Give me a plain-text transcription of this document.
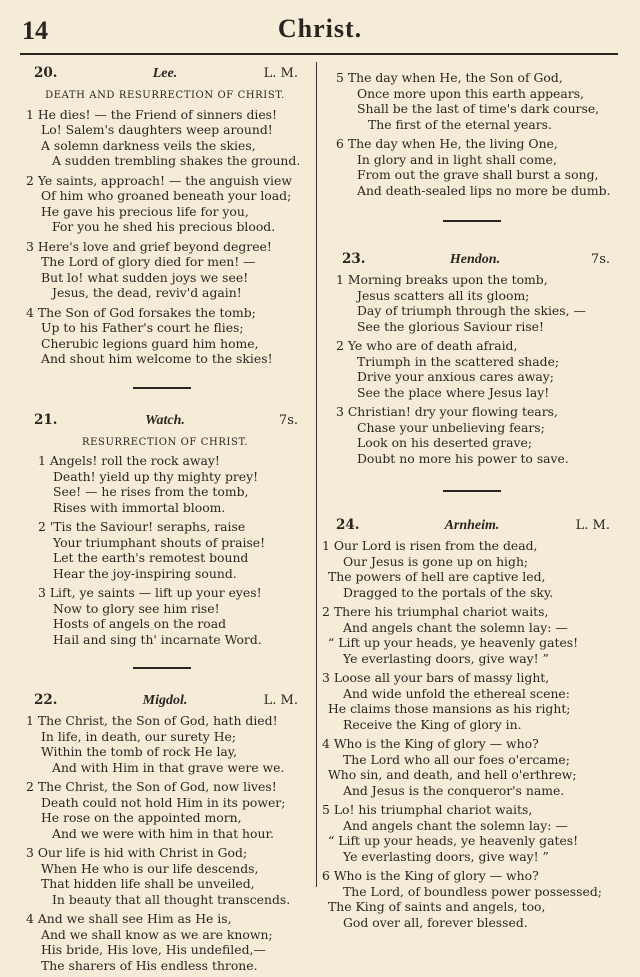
14	Christ.
20.	Lee.	L. M.
DEATH AND RESURRECTION OF CHRIST.
1 He dies! — the Friend of sinners dies!
Lo! Salem's daughters weep around!
A solemn darkness veils the skies,
A sudden trembling shakes the ground.
2 Ye saints, approach! — the anguish view
Of him who groaned beneath your load;
He gave his precious life for you,
For you he shed his precious blood.
3 Here's love and grief beyond degree!
The Lord of glory died for men! —
But lo! what sudden joys we see!
Jesus, the dead, reviv'd again!
4 The Son of God forsakes the tomb;
Up to his Father's court he flies;
Cherubic legions guard him home,
And shout him welcome to the skies!
21.	Watch.	7s.
RESURRECTION OF CHRIST.
1 Angels! roll the rock away!
Death! yield up thy mighty prey!
See! — he rises from the tomb,
Rises with immortal bloom.
2 'Tis the Saviour! seraphs, raise
Your triumphant shouts of praise!
Let the earth's remotest bound
Hear the joy-inspiring sound.
3 Lift, ye saints — lift up your eyes!
Now to glory see him rise!
Hosts of angels on the road
Hail and sing th' incarnate Word.
22.	Migdol.	L. M.
1 The Christ, the Son of God, hath died!
In life, in death, our surety He;
Within the tomb of rock He lay,
And with Him in that grave were we.
2 The Christ, the Son of God, now lives!
Death could not hold Him in its power;
He rose on the appointed morn,
And we were with him in that hour.
3 Our life is hid with Christ in God;
When He who is our life descends,
That hidden life shall be unveiled,
In beauty that all thought transcends.
4 And we shall see Him as He is,
And we shall know as we are known;
His bride, His love, His undefiled,—
The sharers of His endless throne.
5 The day when He, the Son of God,
Once more upon this earth appears,
Shall be the last of time's dark course,
The first of the eternal years.
6 The day when He, the living One,
In glory and in light shall come,
From out the grave shall burst a song,
And death-sealed lips no more be dumb.
23.	Hendon.	7s.
1 Morning breaks upon the tomb,
Jesus scatters all its gloom;
Day of triumph through the skies, —
See the glorious Saviour rise!
2 Ye who are of death afraid,
Triumph in the scattered shade;
Drive your anxious cares away;
See the place where Jesus lay!
3 Christian! dry your flowing tears,
Chase your unbelieving fears;
Look on his deserted grave;
Doubt no more his power to save.
24.	Arnheim.	L. M.
1 Our Lord is risen from the dead,
Our Jesus is gone up on high;
The powers of hell are captive led,
Dragged to the portals of the sky.
2 There his triumphal chariot waits,
And angels chant the solemn lay: —
“ Lift up your heads, ye heavenly gates!
Ye everlasting doors, give way! ”
3 Loose all your bars of massy light,
And wide unfold the ethereal scene:
He claims those mansions as his right;
Receive the King of glory in.
4 Who is the King of glory — who?
The Lord who all our foes o'ercame;
Who sin, and death, and hell o'erthrew;
And Jesus is the conqueror's name.
5 Lo! his triumphal chariot waits,
And angels chant the solemn lay: —
“ Lift up your heads, ye heavenly gates!
Ye everlasting doors, give way! ”
6 Who is the King of glory — who?
The Lord, of boundless power possessed;
The King of saints and angels, too,
God over all, forever blessed.
